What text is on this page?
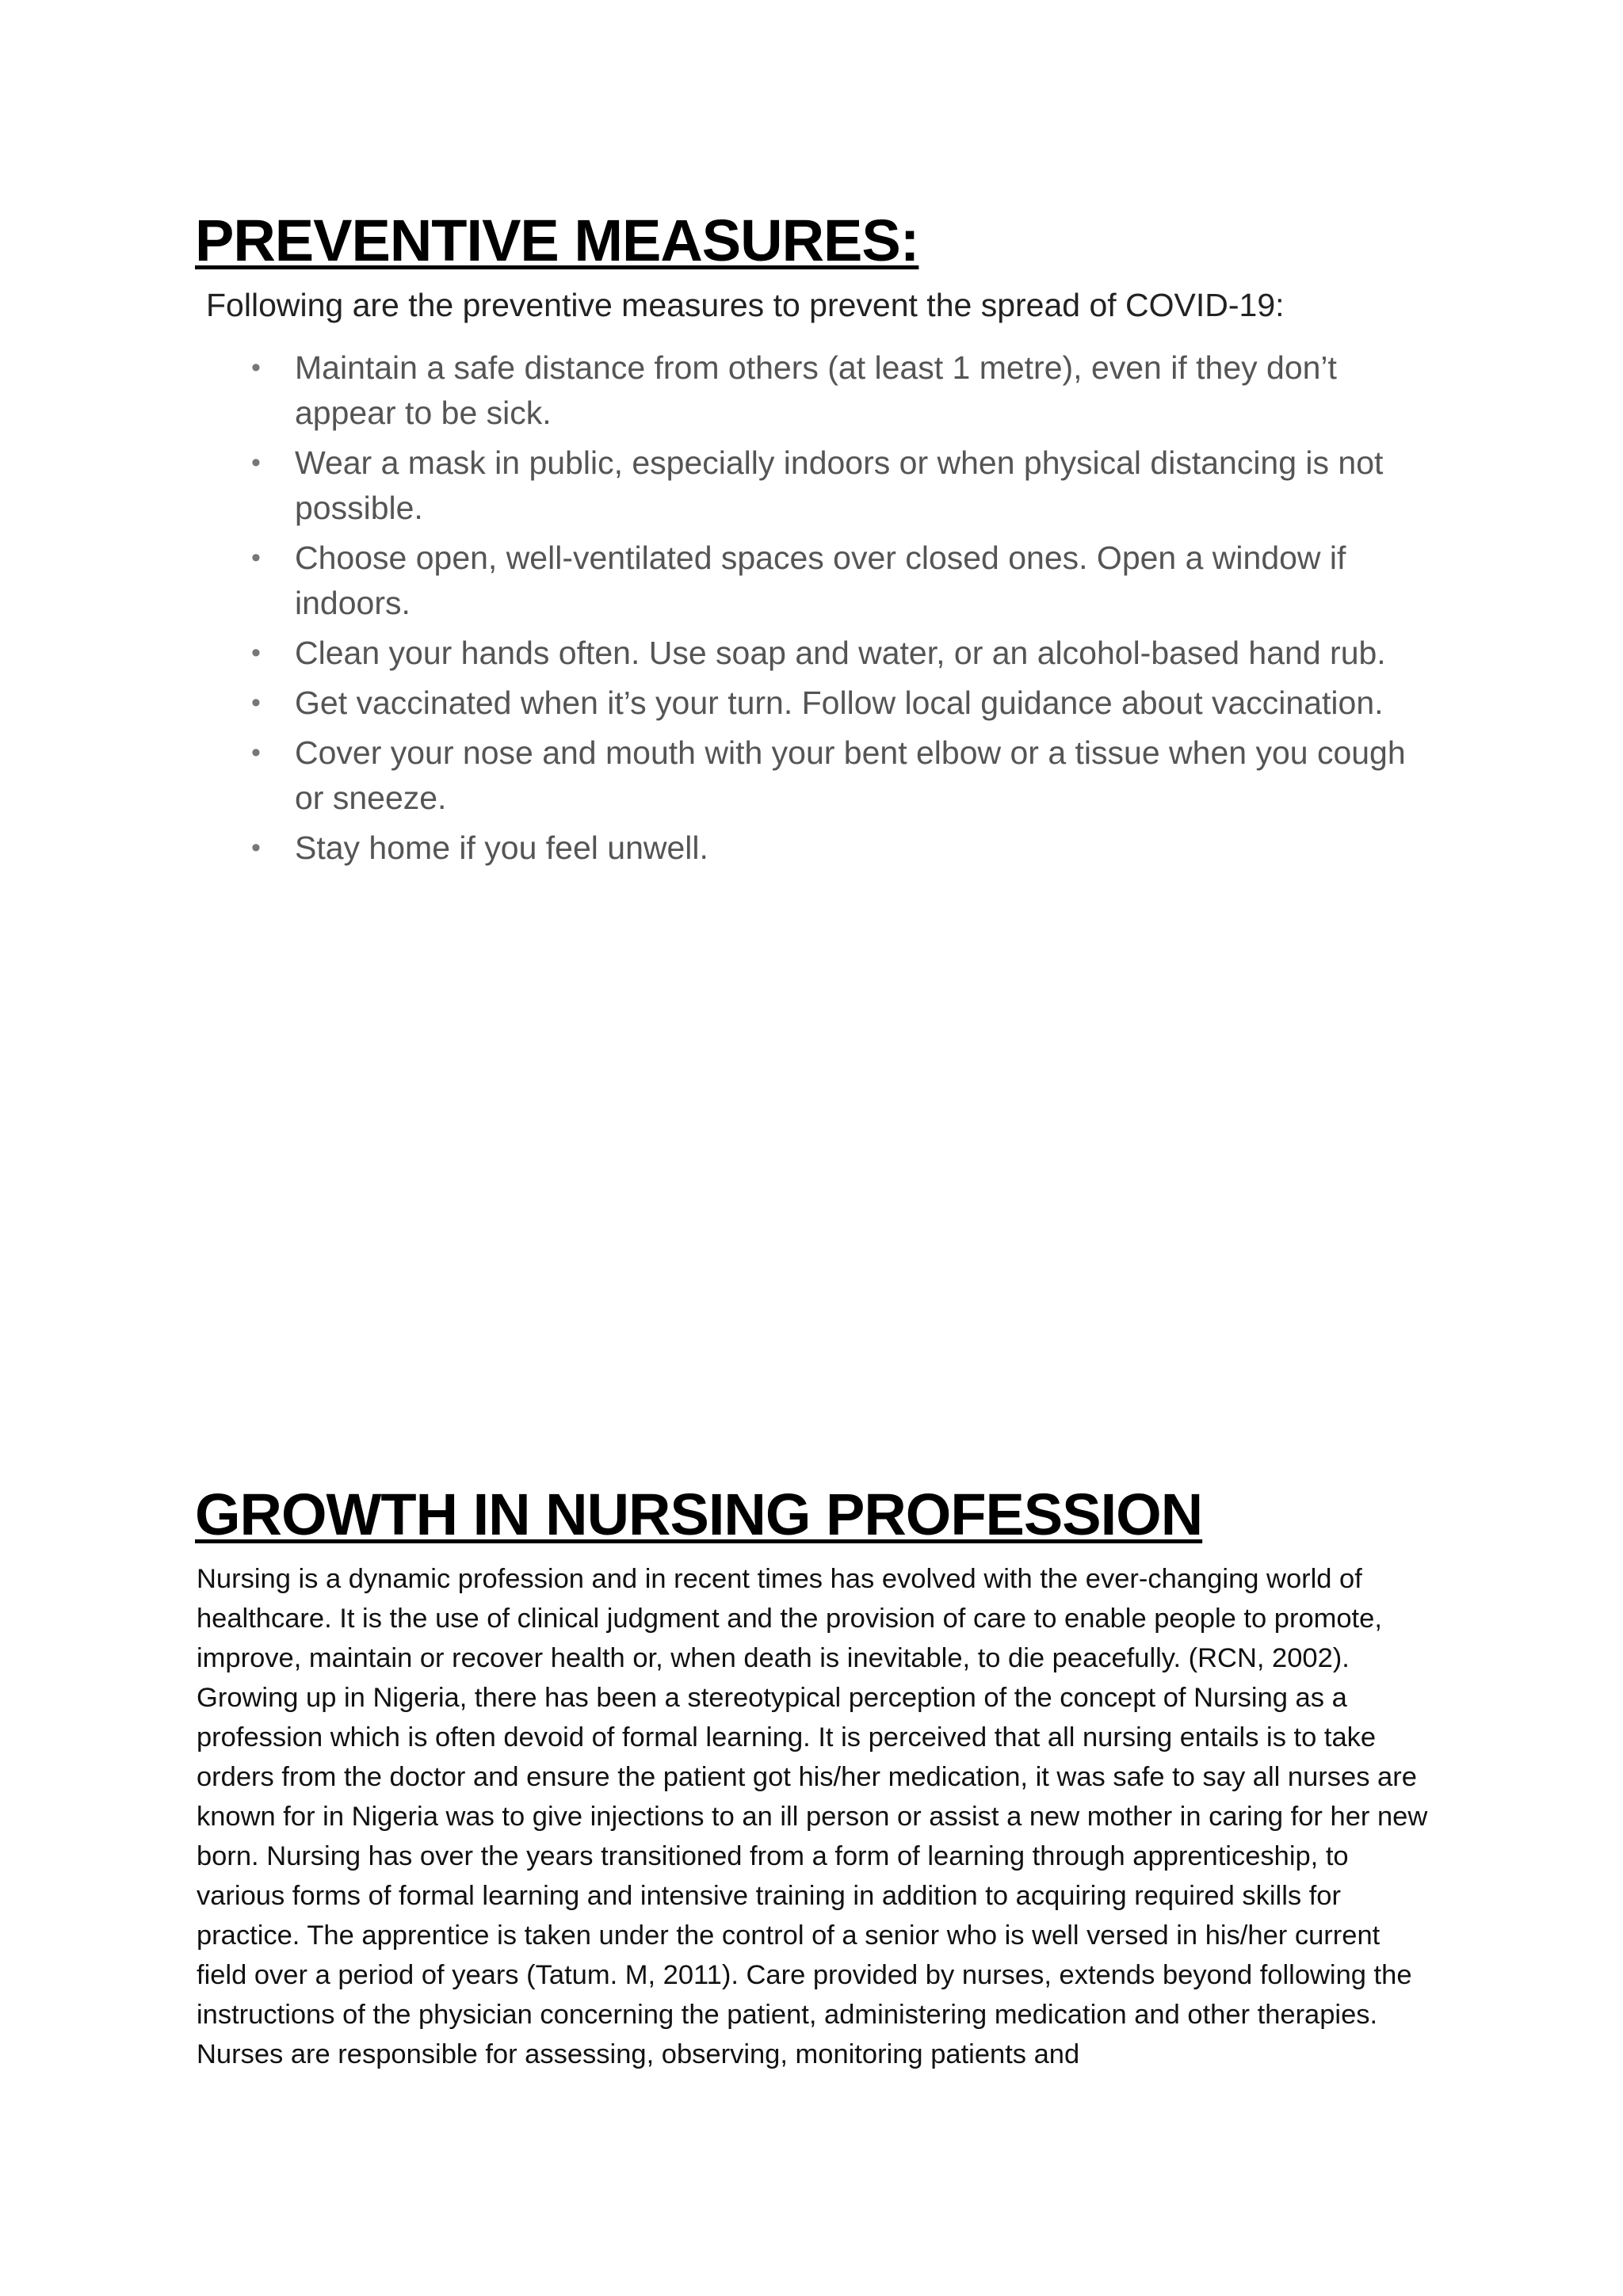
PREVENTIVE MEASURES:

Following are the preventive measures to prevent the spread of COVID-19:

• Maintain a safe distance from others (at least 1 metre), even if they don’t appear to be sick.
• Wear a mask in public, especially indoors or when physical distancing is not possible.
• Choose open, well-ventilated spaces over closed ones. Open a window if indoors.
• Clean your hands often. Use soap and water, or an alcohol-based hand rub.
• Get vaccinated when it’s your turn. Follow local guidance about vaccination.
• Cover your nose and mouth with your bent elbow or a tissue when you cough or sneeze.
• Stay home if you feel unwell.
GROWTH IN NURSING PROFESSION

Nursing is a dynamic profession and in recent times has evolved with the ever-changing world of healthcare. It is the use of clinical judgment and the provision of care to enable people to promote, improve, maintain or recover health or, when death is inevitable, to die peacefully. (RCN, 2002). Growing up in Nigeria, there has been a stereotypical perception of the concept of Nursing as a profession which is often devoid of formal learning. It is perceived that all nursing entails is to take orders from the doctor and ensure the patient got his/her medication, it was safe to say all nurses are known for in Nigeria was to give injections to an ill person or assist a new mother in caring for her new born. Nursing has over the years transitioned from a form of learning through apprenticeship, to various forms of formal learning and intensive training in addition to acquiring required skills for practice. The apprentice is taken under the control of a senior who is well versed in his/her current field over a period of years (Tatum. M, 2011). Care provided by nurses, extends beyond following the instructions of the physician concerning the patient, administering medication and other therapies. Nurses are responsible for assessing, observing, monitoring patients and
